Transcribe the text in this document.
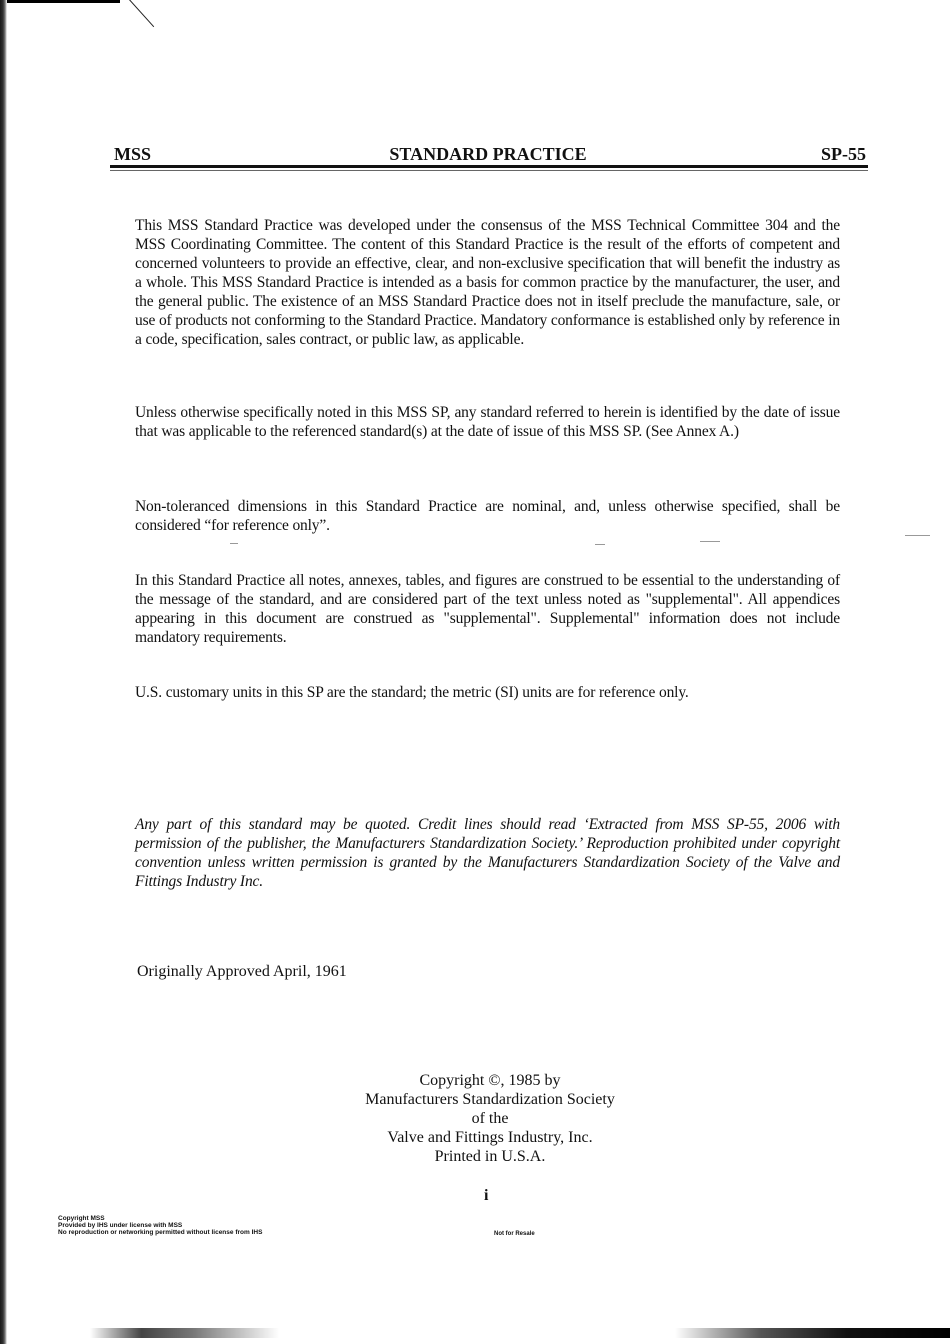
MSS	STANDARD PRACTICE	SP-55
This MSS Standard Practice was developed under the consensus of the MSS Technical Committee 304 and the MSS Coordinating Committee. The content of this Standard Practice is the result of the efforts of competent and concerned volunteers to provide an effective, clear, and non-exclusive specification that will benefit the industry as a whole. This MSS Standard Practice is intended as a basis for common practice by the manufacturer, the user, and the general public. The existence of an MSS Standard Practice does not in itself preclude the manufacture, sale, or use of products not conforming to the Standard Practice. Mandatory conformance is established only by reference in a code, specification, sales contract, or public law, as applicable.
Unless otherwise specifically noted in this MSS SP, any standard referred to herein is identified by the date of issue that was applicable to the referenced standard(s) at the date of issue of this MSS SP. (See Annex A.)
Non-toleranced dimensions in this Standard Practice are nominal, and, unless otherwise specified, shall be considered “for reference only”.
In this Standard Practice all notes, annexes, tables, and figures are construed to be essential to the understanding of the message of the standard, and are considered part of the text unless noted as "supplemental". All appendices appearing in this document are construed as "supplemental". Supplemental" information does not include mandatory requirements.
U.S. customary units in this SP are the standard; the metric (SI) units are for reference only.
Any part of this standard may be quoted. Credit lines should read ‘Extracted from MSS SP-55, 2006 with permission of the publisher, the Manufacturers Standardization Society.’ Reproduction prohibited under copyright convention unless written permission is granted by the Manufacturers Standardization Society of the Valve and Fittings Industry Inc.
Originally Approved April, 1961
Copyright ©, 1985 by
Manufacturers Standardization Society
of the
Valve and Fittings Industry, Inc.
Printed in U.S.A.
i
Copyright MSS
Provided by IHS under license with MSS
No reproduction or networking permitted without license from IHS	Not for Resale
